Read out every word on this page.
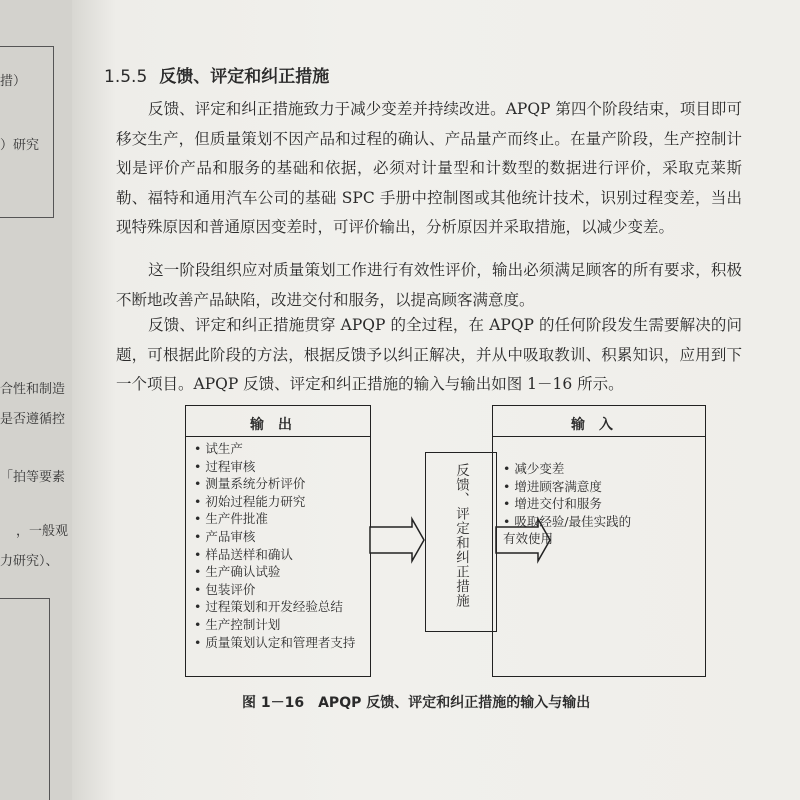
措）
）研究
合性和制造
是否遵循控
「拍等要素
，一般观
力研究）、
1.5.5 反馈、评定和纠正措施
反馈、评定和纠正措施致力于减少变差并持续改进。APQP 第四个阶段结束，项目即可移交生产，但质量策划不因产品和过程的确认、产品量产而终止。在量产阶段，生产控制计划是评价产品和服务的基础和依据，必须对计量型和计数型的数据进行评价，采取克莱斯勒、福特和通用汽车公司的基础 SPC 手册中控制图或其他统计技术，识别过程变差，当出现特殊原因和普通原因变差时，可评价输出，分析原因并采取措施，以减少变差。
这一阶段组织应对质量策划工作进行有效性评价，输出必须满足顾客的所有要求，积极不断地改善产品缺陷，改进交付和服务，以提高顾客满意度。
反馈、评定和纠正措施贯穿 APQP 的全过程，在 APQP 的任何阶段发生需要解决的问题，可根据此阶段的方法，根据反馈予以纠正解决，并从中吸取教训、积累知识，应用到下一个项目。APQP 反馈、评定和纠正措施的输入与输出如图 1－16 所示。
输出
• 试生产
• 过程审核
• 测量系统分析评价
• 初始过程能力研究
• 生产件批准
• 产品审核
• 样品送样和确认
• 生产确认试验
• 包装评价
• 过程策划和开发经验总结
• 生产控制计划
• 质量策划认定和管理者支持
反馈、评定和纠正措施
输入
• 减少变差
• 增进顾客满意度
• 增进交付和服务
• 吸取经验/最佳实践的有效使用
图 1－16　APQP 反馈、评定和纠正措施的输入与输出
